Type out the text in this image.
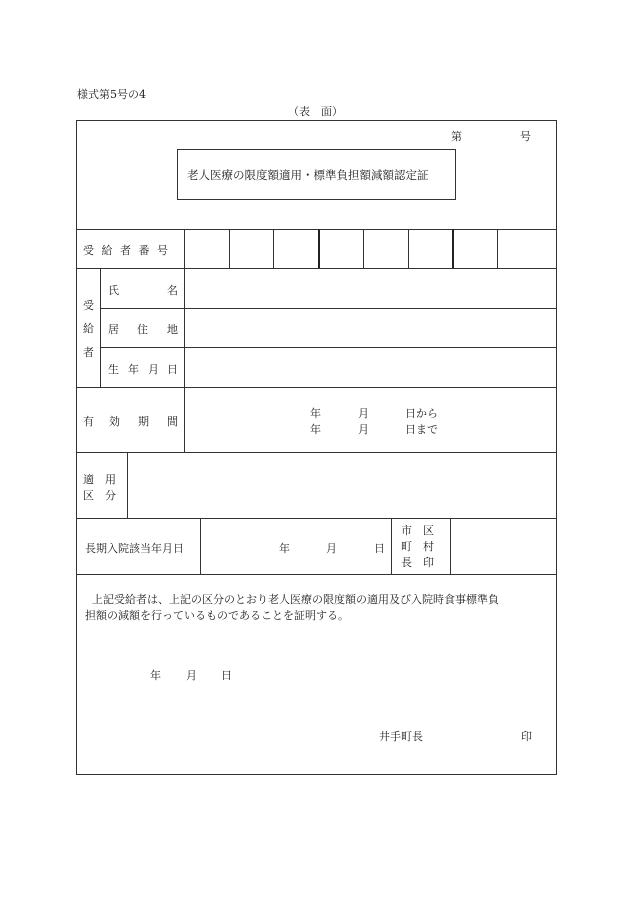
様式第5号の4
（表　面）
第	号
老人医療の限度額適用・標準負担額減額認定証
受 給 者 番 号
受
給
者
氏	名
居 住 地
生 年 月 日
有 効 期 間
年	月	日から
年	月	日まで
適　用
区　分
長期入院該当年月日	年	月	日
市　区
町　村
長　印
上記受給者は、上記の区分のとおり老人医療の限度額の適用及び入院時食事標準負
担額の減額を行っているものであることを証明する。
年 月 日
井手町長	印
